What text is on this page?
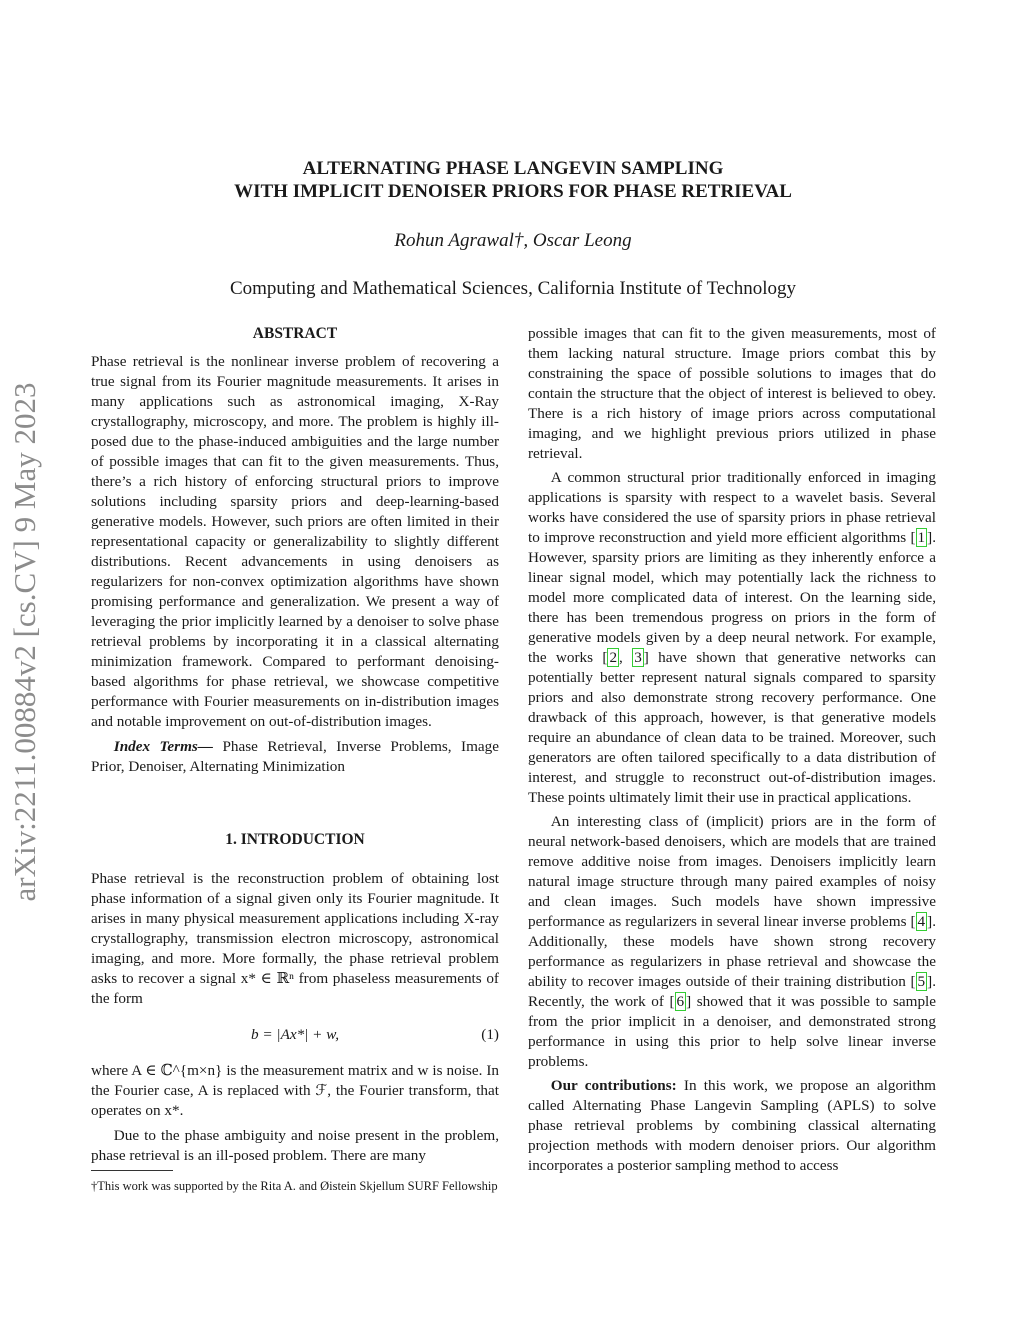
arXiv:2211.00884v2 [cs.CV] 9 May 2023
ALTERNATING PHASE LANGEVIN SAMPLING
WITH IMPLICIT DENOISER PRIORS FOR PHASE RETRIEVAL
Rohun Agrawal†, Oscar Leong
Computing and Mathematical Sciences, California Institute of Technology
ABSTRACT

Phase retrieval is the nonlinear inverse problem of recovering a true signal from its Fourier magnitude measurements. It arises in many applications such as astronomical imaging, X-Ray crystallography, microscopy, and more. The problem is highly ill-posed due to the phase-induced ambiguities and the large number of possible images that can fit to the given measurements. Thus, there’s a rich history of enforcing structural priors to improve solutions including sparsity priors and deep-learning-based generative models. However, such priors are often limited in their representational capacity or generalizability to slightly different distributions. Recent advancements in using denoisers as regularizers for non-convex optimization algorithms have shown promising performance and generalization. We present a way of leveraging the prior implicitly learned by a denoiser to solve phase retrieval problems by incorporating it in a classical alternating minimization framework. Compared to performant denoising-based algorithms for phase retrieval, we showcase competitive performance with Fourier measurements on in-distribution images and notable improvement on out-of-distribution images.

Index Terms— Phase Retrieval, Inverse Problems, Image Prior, Denoiser, Alternating Minimization

1. INTRODUCTION

Phase retrieval is the reconstruction problem of obtaining lost phase information of a signal given only its Fourier magnitude. It arises in many physical measurement applications including X-ray crystallography, transmission electron microscopy, astronomical imaging, and more. More formally, the phase retrieval problem asks to recover a signal x* ∈ ℝⁿ from phaseless measurements of the form

b = |Ax*| + w,	(1)

where A ∈ ℂ^{m×n} is the measurement matrix and w is noise. In the Fourier case, A is replaced with ℱ, the Fourier transform, that operates on x*.

Due to the phase ambiguity and noise present in the problem, phase retrieval is an ill-posed problem. There are many

†This work was supported by the Rita A. and Øistein Skjellum SURF Fellowship

possible images that can fit to the given measurements, most of them lacking natural structure. Image priors combat this by constraining the space of possible solutions to images that do contain the structure that the object of interest is believed to obey. There is a rich history of image priors across computational imaging, and we highlight previous priors utilized in phase retrieval.

A common structural prior traditionally enforced in imaging applications is sparsity with respect to a wavelet basis. Several works have considered the use of sparsity priors in phase retrieval to improve reconstruction and yield more efficient algorithms [ 1 ]. However, sparsity priors are limiting as they inherently enforce a linear signal model, which may potentially lack the richness to model more complicated data of interest. On the learning side, there has been tremendous progress on priors in the form of generative models given by a deep neural network. For example, the works [ 2 , 3 ] have shown that generative networks can potentially better represent natural signals compared to sparsity priors and also demonstrate strong recovery performance. One drawback of this approach, however, is that generative models require an abundance of clean data to be trained. Moreover, such generators are often tailored specifically to a data distribution of interest, and struggle to reconstruct out-of-distribution images. These points ultimately limit their use in practical applications.

An interesting class of (implicit) priors are in the form of neural network-based denoisers, which are models that are trained remove additive noise from images. Denoisers implicitly learn natural image structure through many paired examples of noisy and clean images. Such models have shown impressive performance as regularizers in several linear inverse problems [ 4 ]. Additionally, these models have shown strong recovery performance as regularizers in phase retrieval and showcase the ability to recover images outside of their training distribution [ 5 ]. Recently, the work of [ 6 ] showed that it was possible to sample from the prior implicit in a denoiser, and demonstrated strong performance in using this prior to help solve linear inverse problems.

Our contributions: In this work, we propose an algorithm called Alternating Phase Langevin Sampling (APLS) to solve phase retrieval problems by combining classical alternating projection methods with modern denoiser priors. Our algorithm incorporates a posterior sampling method to access
